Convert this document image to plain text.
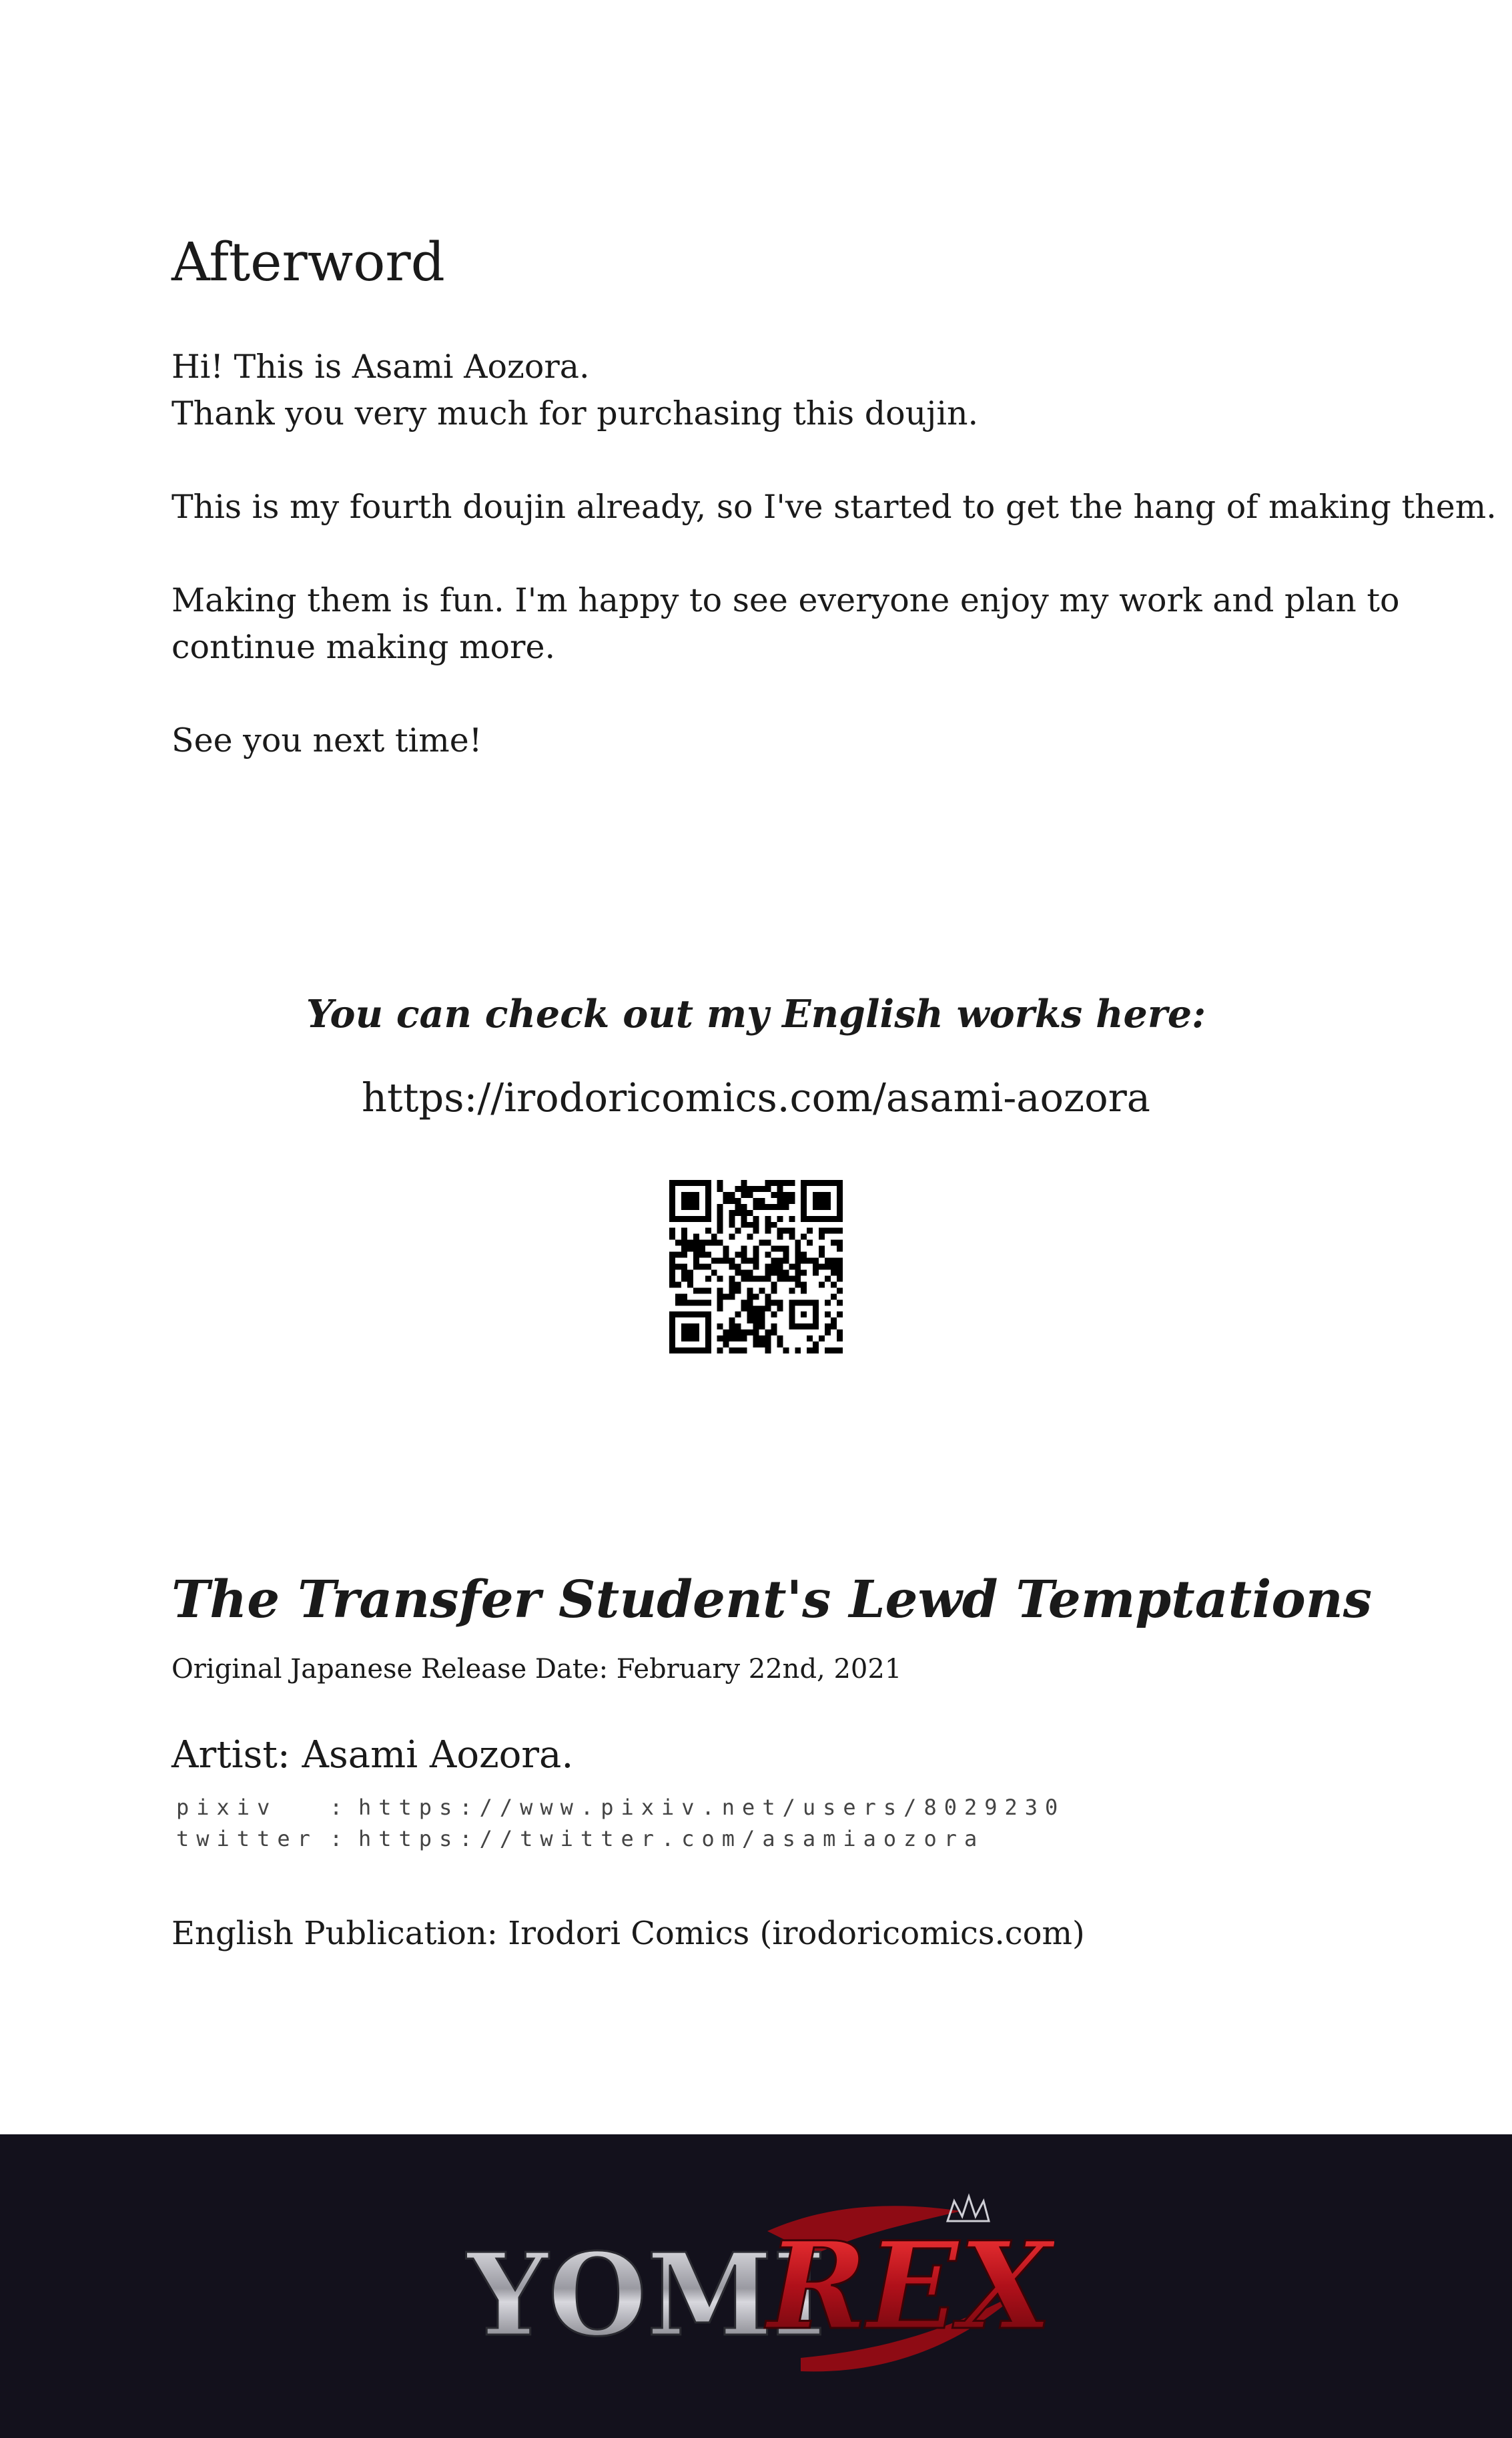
Afterword
Hi! This is Asami Aozora.
Thank you very much for purchasing this doujin.
This is my fourth doujin already, so I've started to get the hang of making them.
Making them is fun. I'm happy to see everyone enjoy my work and plan to
continue making more.
See you next time!
You can check out my English works here:
https://irodoricomics.com/asami-aozora
The Transfer Student's Lewd Temptations
Original Japanese Release Date: February 22nd, 2021
Artist: Asami Aozora.
pixiv : https://www.pixiv.net/users/8029230
twitter : https://twitter.com/asamiaozora
English Publication: Irodori Comics (irodoricomics.com)
YOMI
REX
